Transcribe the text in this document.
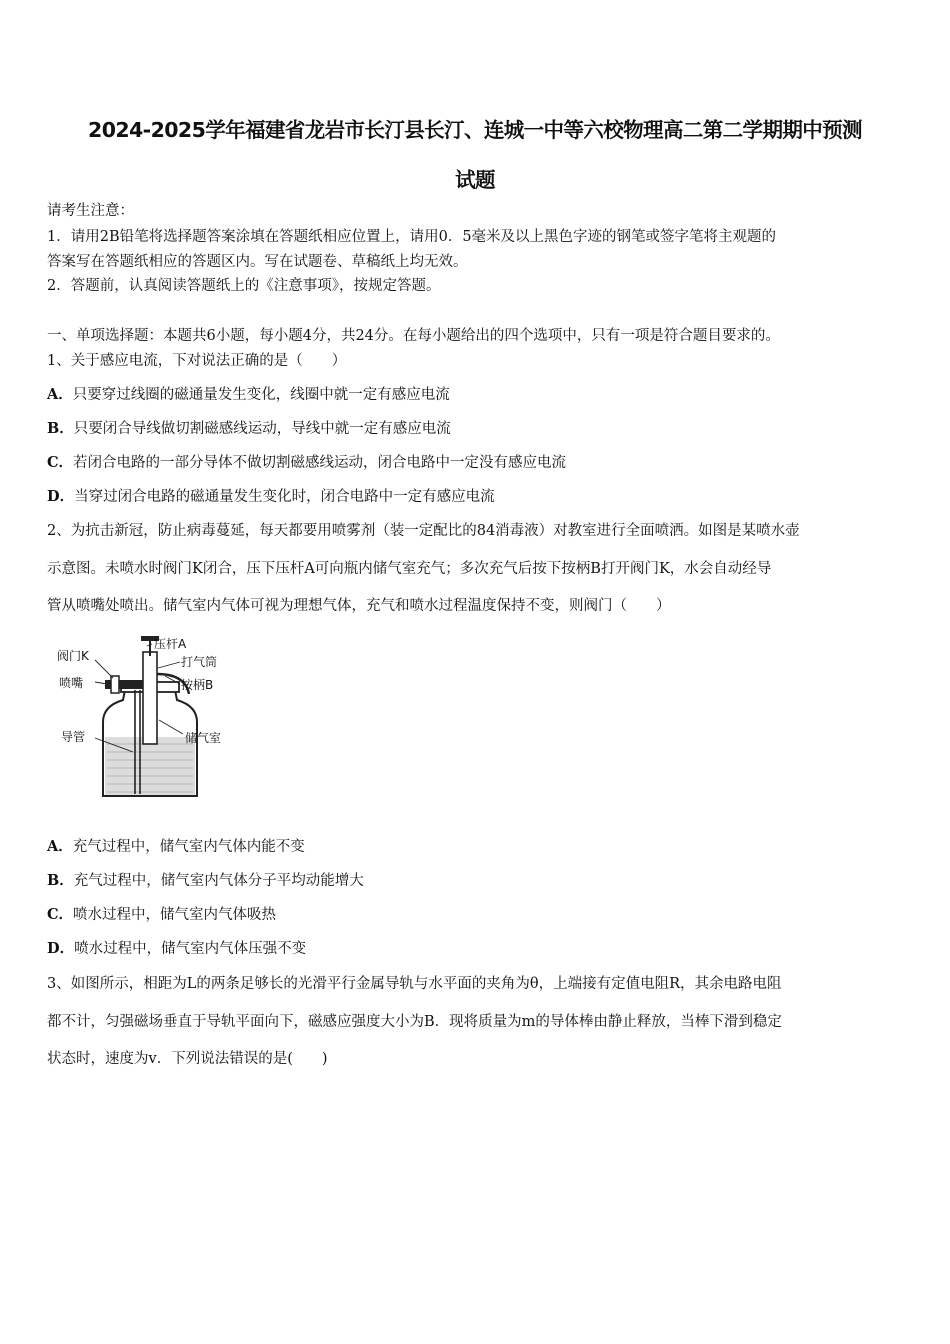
2024-2025学年福建省龙岩市长汀县长汀、连城一中等六校物理高二第二学期期中预测
试题
请考生注意：
1．请用2B铅笔将选择题答案涂填在答题纸相应位置上，请用0．5毫米及以上黑色字迹的钢笔或签字笔将主观题的
答案写在答题纸相应的答题区内。写在试题卷、草稿纸上均无效。
2．答题前，认真阅读答题纸上的《注意事项》，按规定答题。
一、单项选择题：本题共6小题，每小题4分，共24分。在每小题给出的四个选项中，只有一项是符合题目要求的。
1、关于感应电流，下对说法正确的是（　　）
A．只要穿过线圈的磁通量发生变化，线圈中就一定有感应电流
B．只要闭合导线做切割磁感线运动，导线中就一定有感应电流
C．若闭合电路的一部分导体不做切割磁感线运动，闭合电路中一定没有感应电流
D．当穿过闭合电路的磁通量发生变化时，闭合电路中一定有感应电流
2、为抗击新冠，防止病毒蔓延，每天都要用喷雾剂（装一定配比的84消毒液）对教室进行全面喷洒。如图是某喷水壶
示意图。未喷水时阀门K闭合，压下压杆A可向瓶内储气室充气；多次充气后按下按柄B打开阀门K，水会自动经导
管从喷嘴处喷出。储气室内气体可视为理想气体，充气和喷水过程温度保持不变，则阀门（　　）
阀门K
喷嘴
压杆A
打气筒
按柄B
导管	储气室
A．充气过程中，储气室内气体内能不变
B．充气过程中，储气室内气体分子平均动能增大
C．喷水过程中，储气室内气体吸热
D．喷水过程中，储气室内气体压强不变
3、如图所示，相距为L的两条足够长的光滑平行金属导轨与水平面的夹角为θ，上端接有定值电阻R，其余电路电阻
都不计，匀强磁场垂直于导轨平面向下，磁感应强度大小为B．现将质量为m的导体棒由静止释放，当棒下滑到稳定
状态时，速度为v．下列说法错误的是(　　)
